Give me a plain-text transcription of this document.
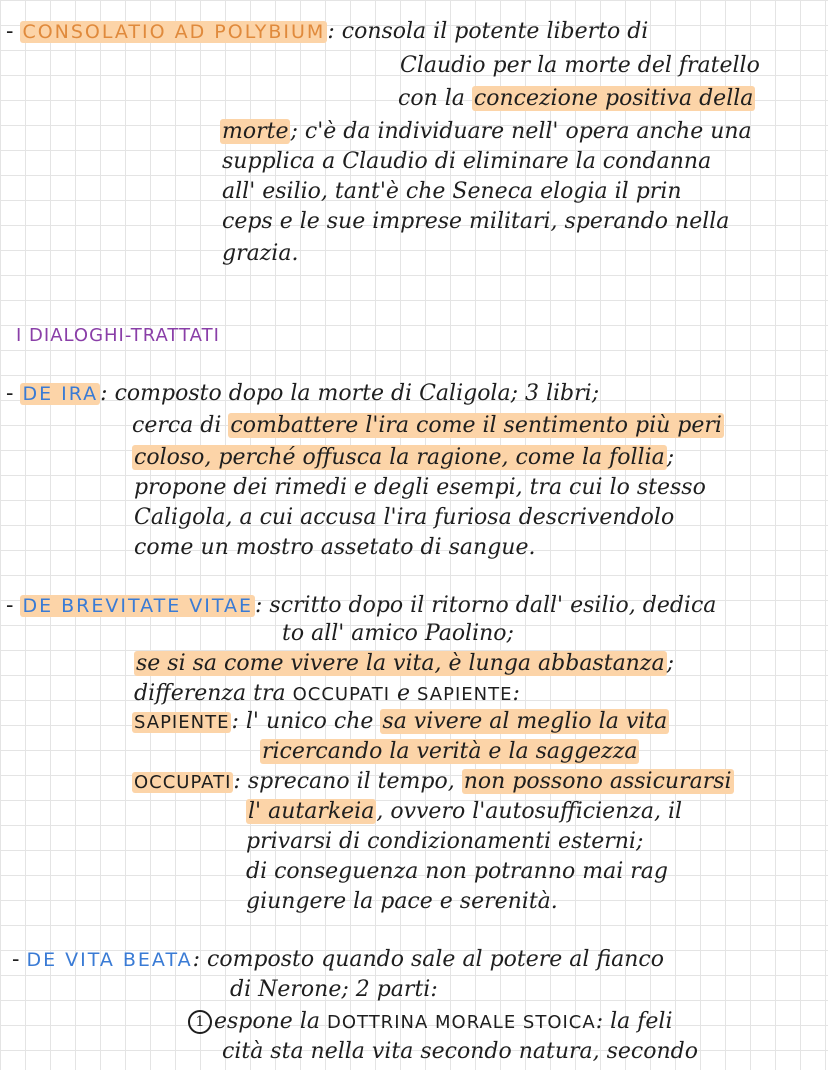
- CONSOLATIO AD POLYBIUM: consola il potente liberto di
Claudio per la morte del fratello
con la concezione positiva della
morte; c'è da individuare nell' opera anche una
supplica a Claudio di eliminare la condanna
all' esilio, tant'è che Seneca elogia il prin
ceps e le sue imprese militari, sperando nella
grazia.
I DIALOGHI-TRATTATI
- DE IRA: composto dopo la morte di Caligola; 3 libri;
cerca di combattere l'ira come il sentimento più peri
coloso, perché offusca la ragione, come la follia;
propone dei rimedi e degli esempi, tra cui lo stesso
Caligola, a cui accusa l'ira furiosa descrivendolo
come un mostro assetato di sangue.
- DE BREVITATE VITAE: scritto dopo il ritorno dall' esilio, dedica
to all' amico Paolino;
se si sa come vivere la vita, è lunga abbastanza;
differenza tra OCCUPATI e SAPIENTE:
SAPIENTE: l' unico che sa vivere al meglio la vita
ricercando la verità e la saggezza
OCCUPATI: sprecano il tempo, non possono assicurarsi
l' autarkeia, ovvero l'autosufficienza, il
privarsi di condizionamenti esterni;
di conseguenza non potranno mai rag
giungere la pace e serenità.
- DE VITA BEATA: composto quando sale al potere al fianco
di Nerone; 2 parti:
1 espone la DOTTRINA MORALE STOICA: la feli
cità sta nella vita secondo natura, secondo
